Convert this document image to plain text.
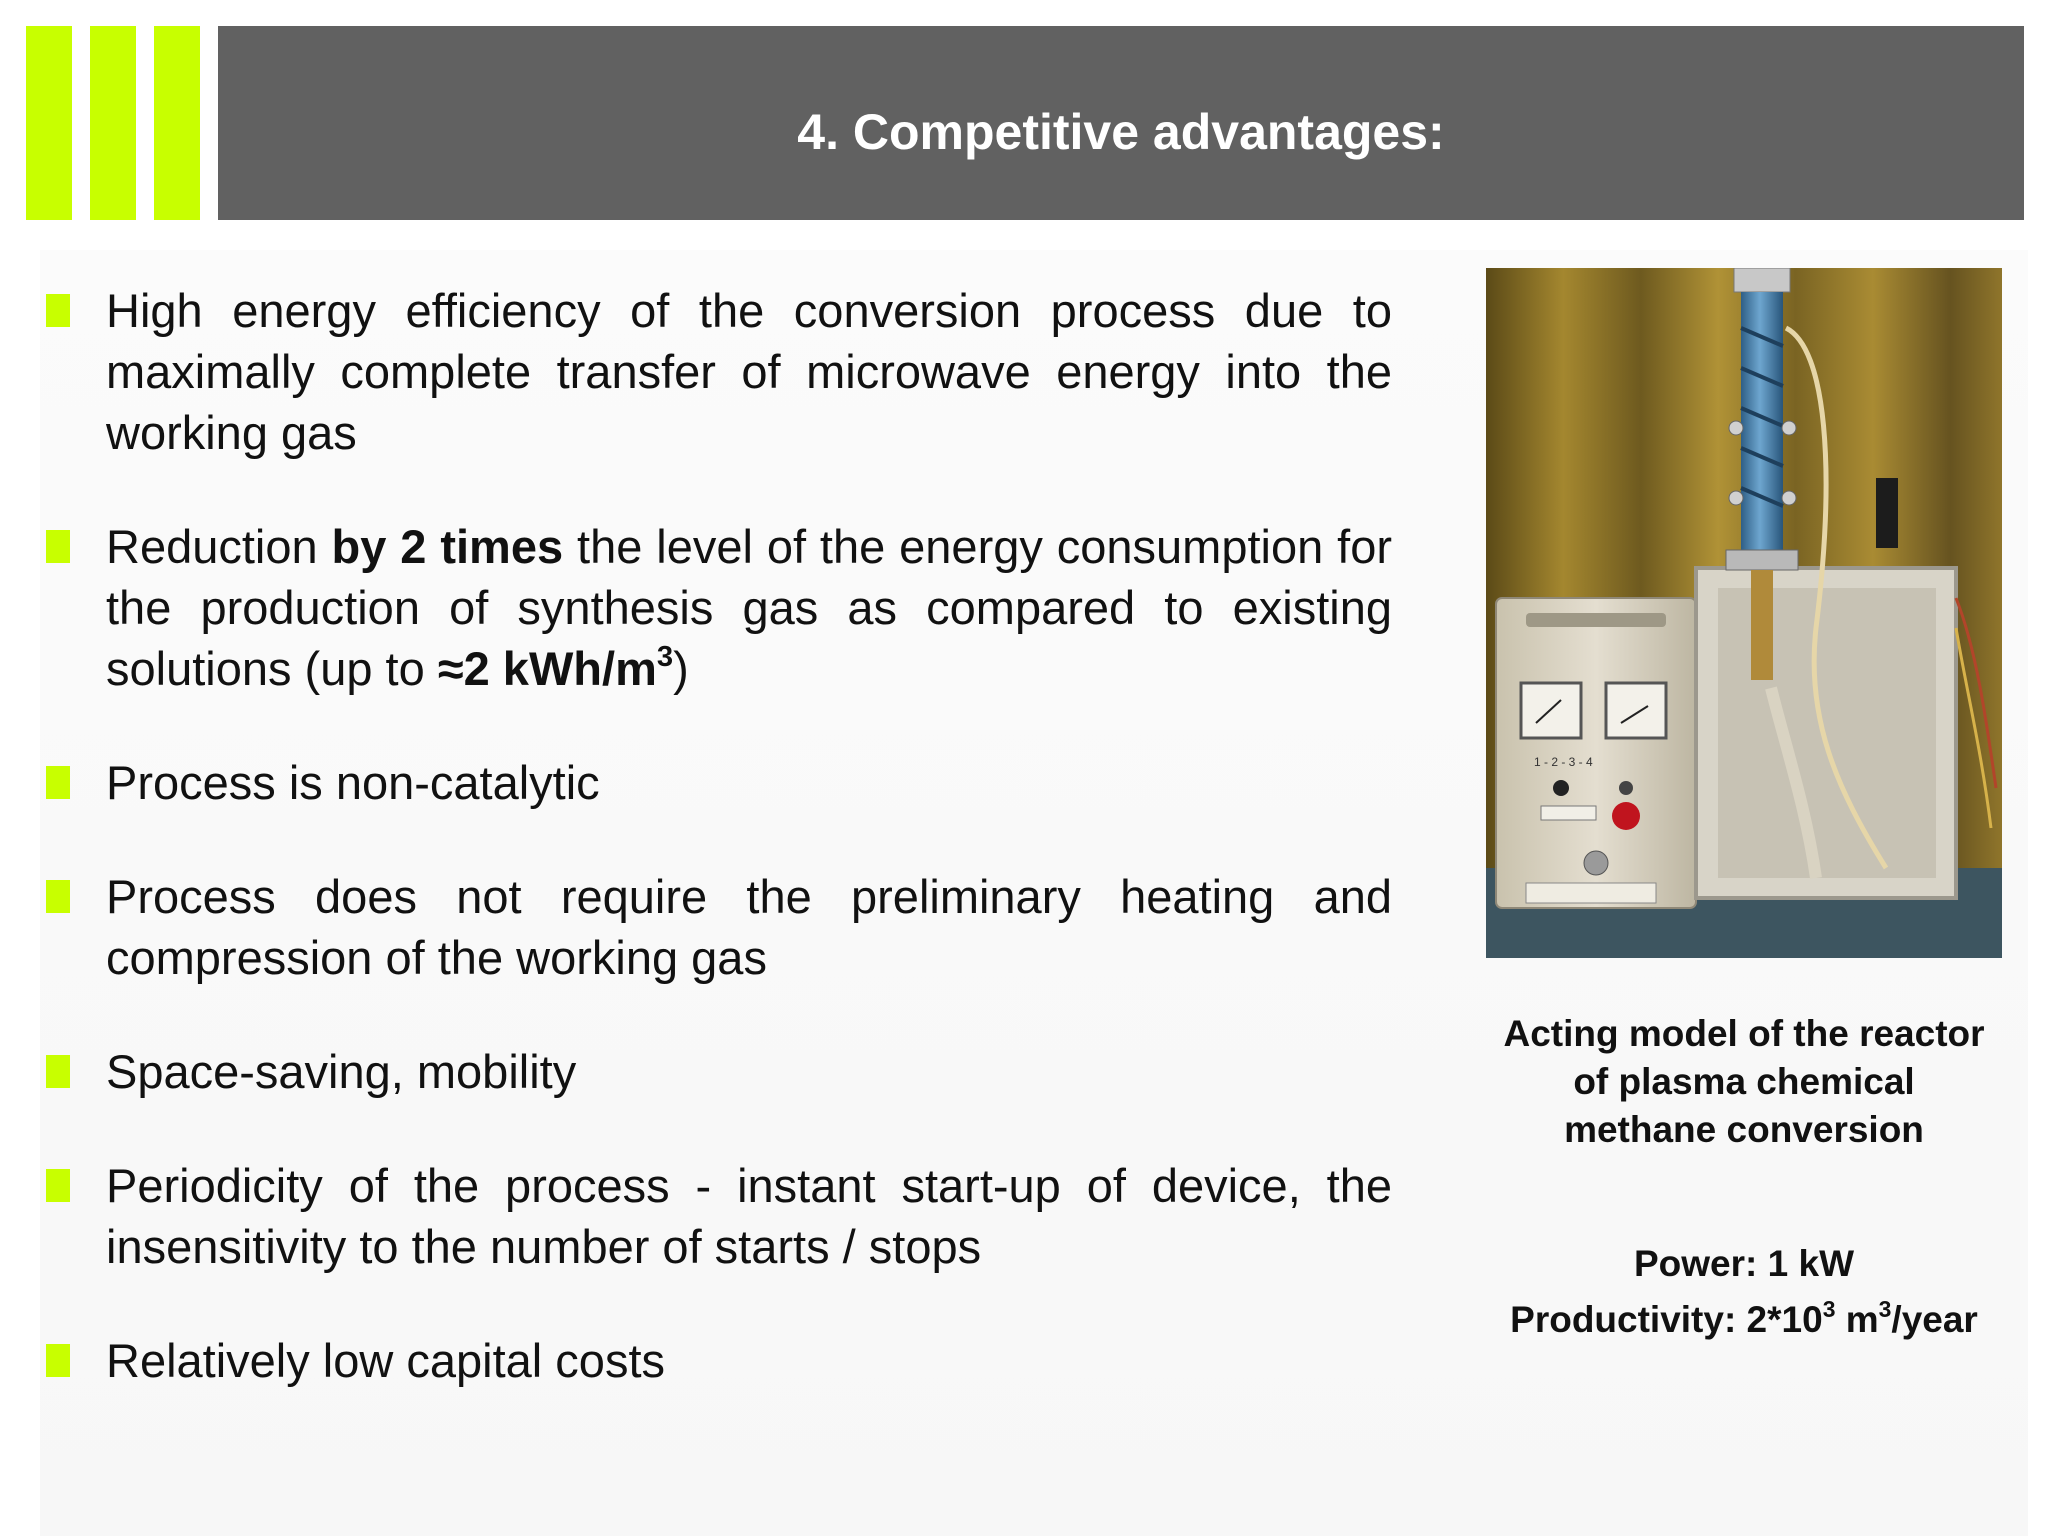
4. Competitive advantages:
High energy efficiency of the conversion process due to maximally complete transfer of microwave energy into the working gas
Reduction by 2 times the level of the energy consumption for the production of synthesis gas as compared to existing solutions (up to ≈2 kWh/$m^3$)
Process is non-catalytic
Process does not require the preliminary heating and compression of the working gas
Space-saving, mobility
Periodicity of the process - instant start-up of device, the insensitivity to the number of starts / stops
Relatively low capital costs
1 - 2 - 3 - 4
Acting model of the reactor
of plasma chemical
methane conversion
Power: 1 kW
Productivity: $2*10^3$ $m^3$/year
